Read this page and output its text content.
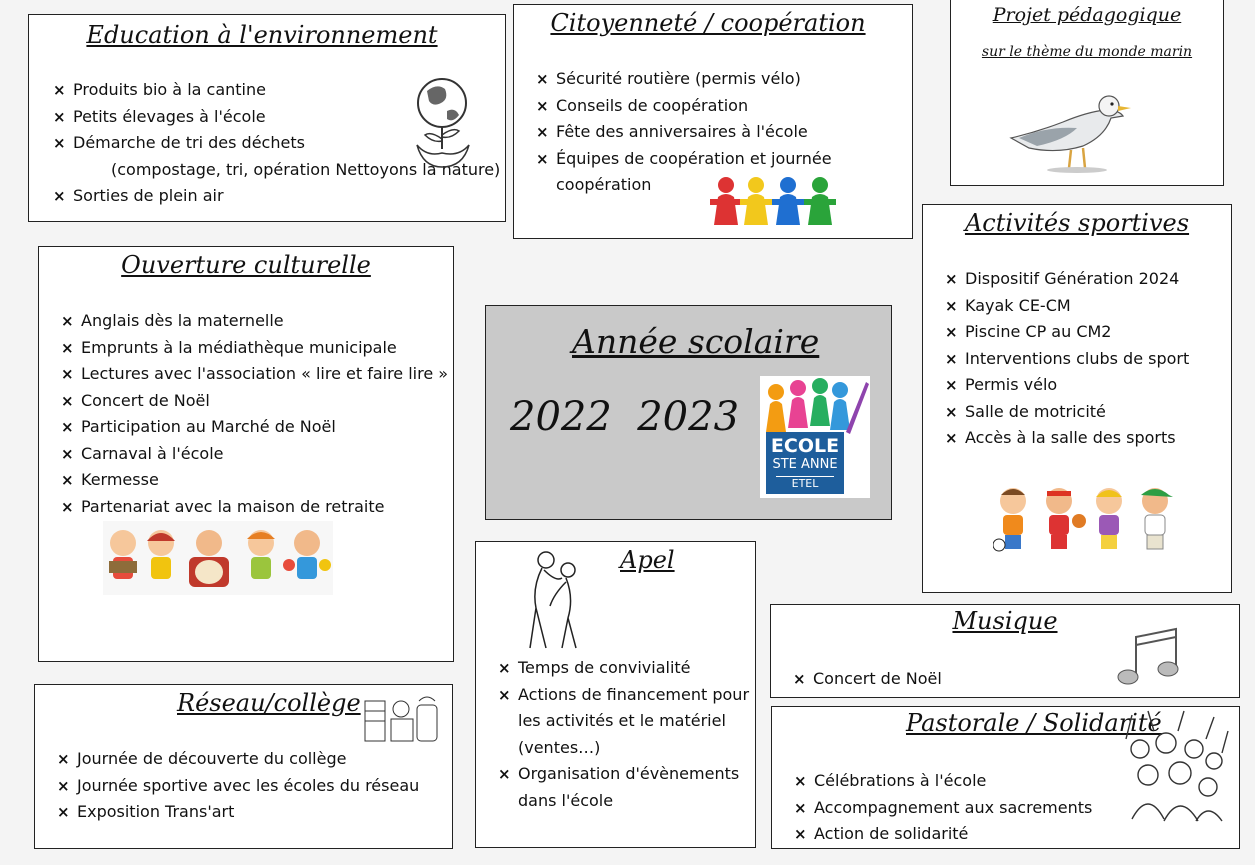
Education à l'environnement
× Produits bio à la cantine
× Petits élevages à l'école
× Démarche de tri des déchets
(compostage, tri, opération Nettoyons la nature)
× Sorties de plein air
Citoyenneté / coopération
× Sécurité routière (permis vélo)
× Conseils de coopération
× Fête des anniversaires à l'école
× Équipes de coopération et journée
coopération
Projet pédagogique
sur le thème du monde marin
Activités sportives
× Dispositif Génération 2024
× Kayak CE-CM
× Piscine CP au CM2
× Interventions clubs de sport
× Permis vélo
× Salle de motricité
× Accès à la salle des sports
Ouverture culturelle
× Anglais dès la maternelle
× Emprunts à la médiathèque municipale
× Lectures avec l'association « lire et faire lire »
× Concert de Noël
× Participation au Marché de Noël
× Carnaval à l'école
× Kermesse
× Partenariat avec la maison de retraite
Année scolaire
2022  2023
ECOLE
STE ANNE
ETEL
Apel
× Temps de convivialité
× Actions de financement pour
les activités et le matériel
(ventes…)
× Organisation d'évènements
dans l'école
Musique
× Concert de Noël
Réseau/collège
× Journée de découverte du collège
× Journée sportive avec les écoles du réseau
× Exposition Trans'art
Pastorale / Solidarité
× Célébrations à l'école
× Accompagnement aux sacrements
× Action de solidarité
